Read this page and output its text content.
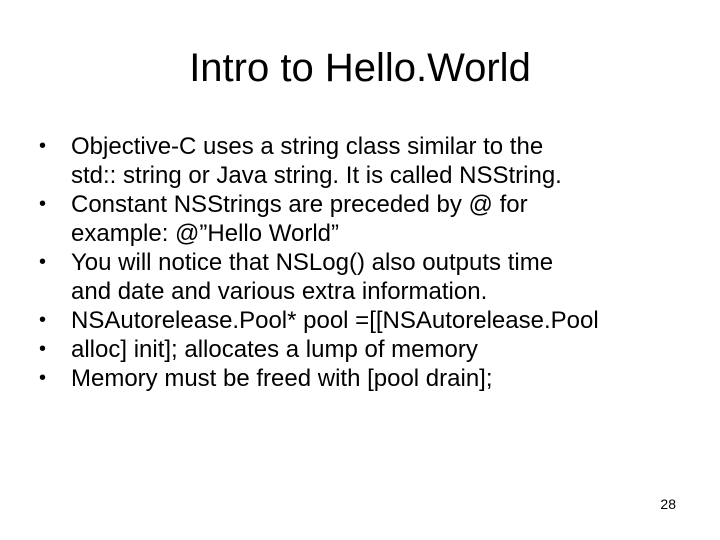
Intro to Hello.World
• Objective-C uses a string class similar to the
std:: string or Java string. It is called NSString.
• Constant NSStrings are preceded by @ for
example: @”Hello World”
• You will notice that NSLog() also outputs time
and date and various extra information.
• NSAutorelease.Pool* pool =[[NSAutorelease.Pool
• alloc] init]; allocates a lump of memory
• Memory must be freed with [pool drain];
28
